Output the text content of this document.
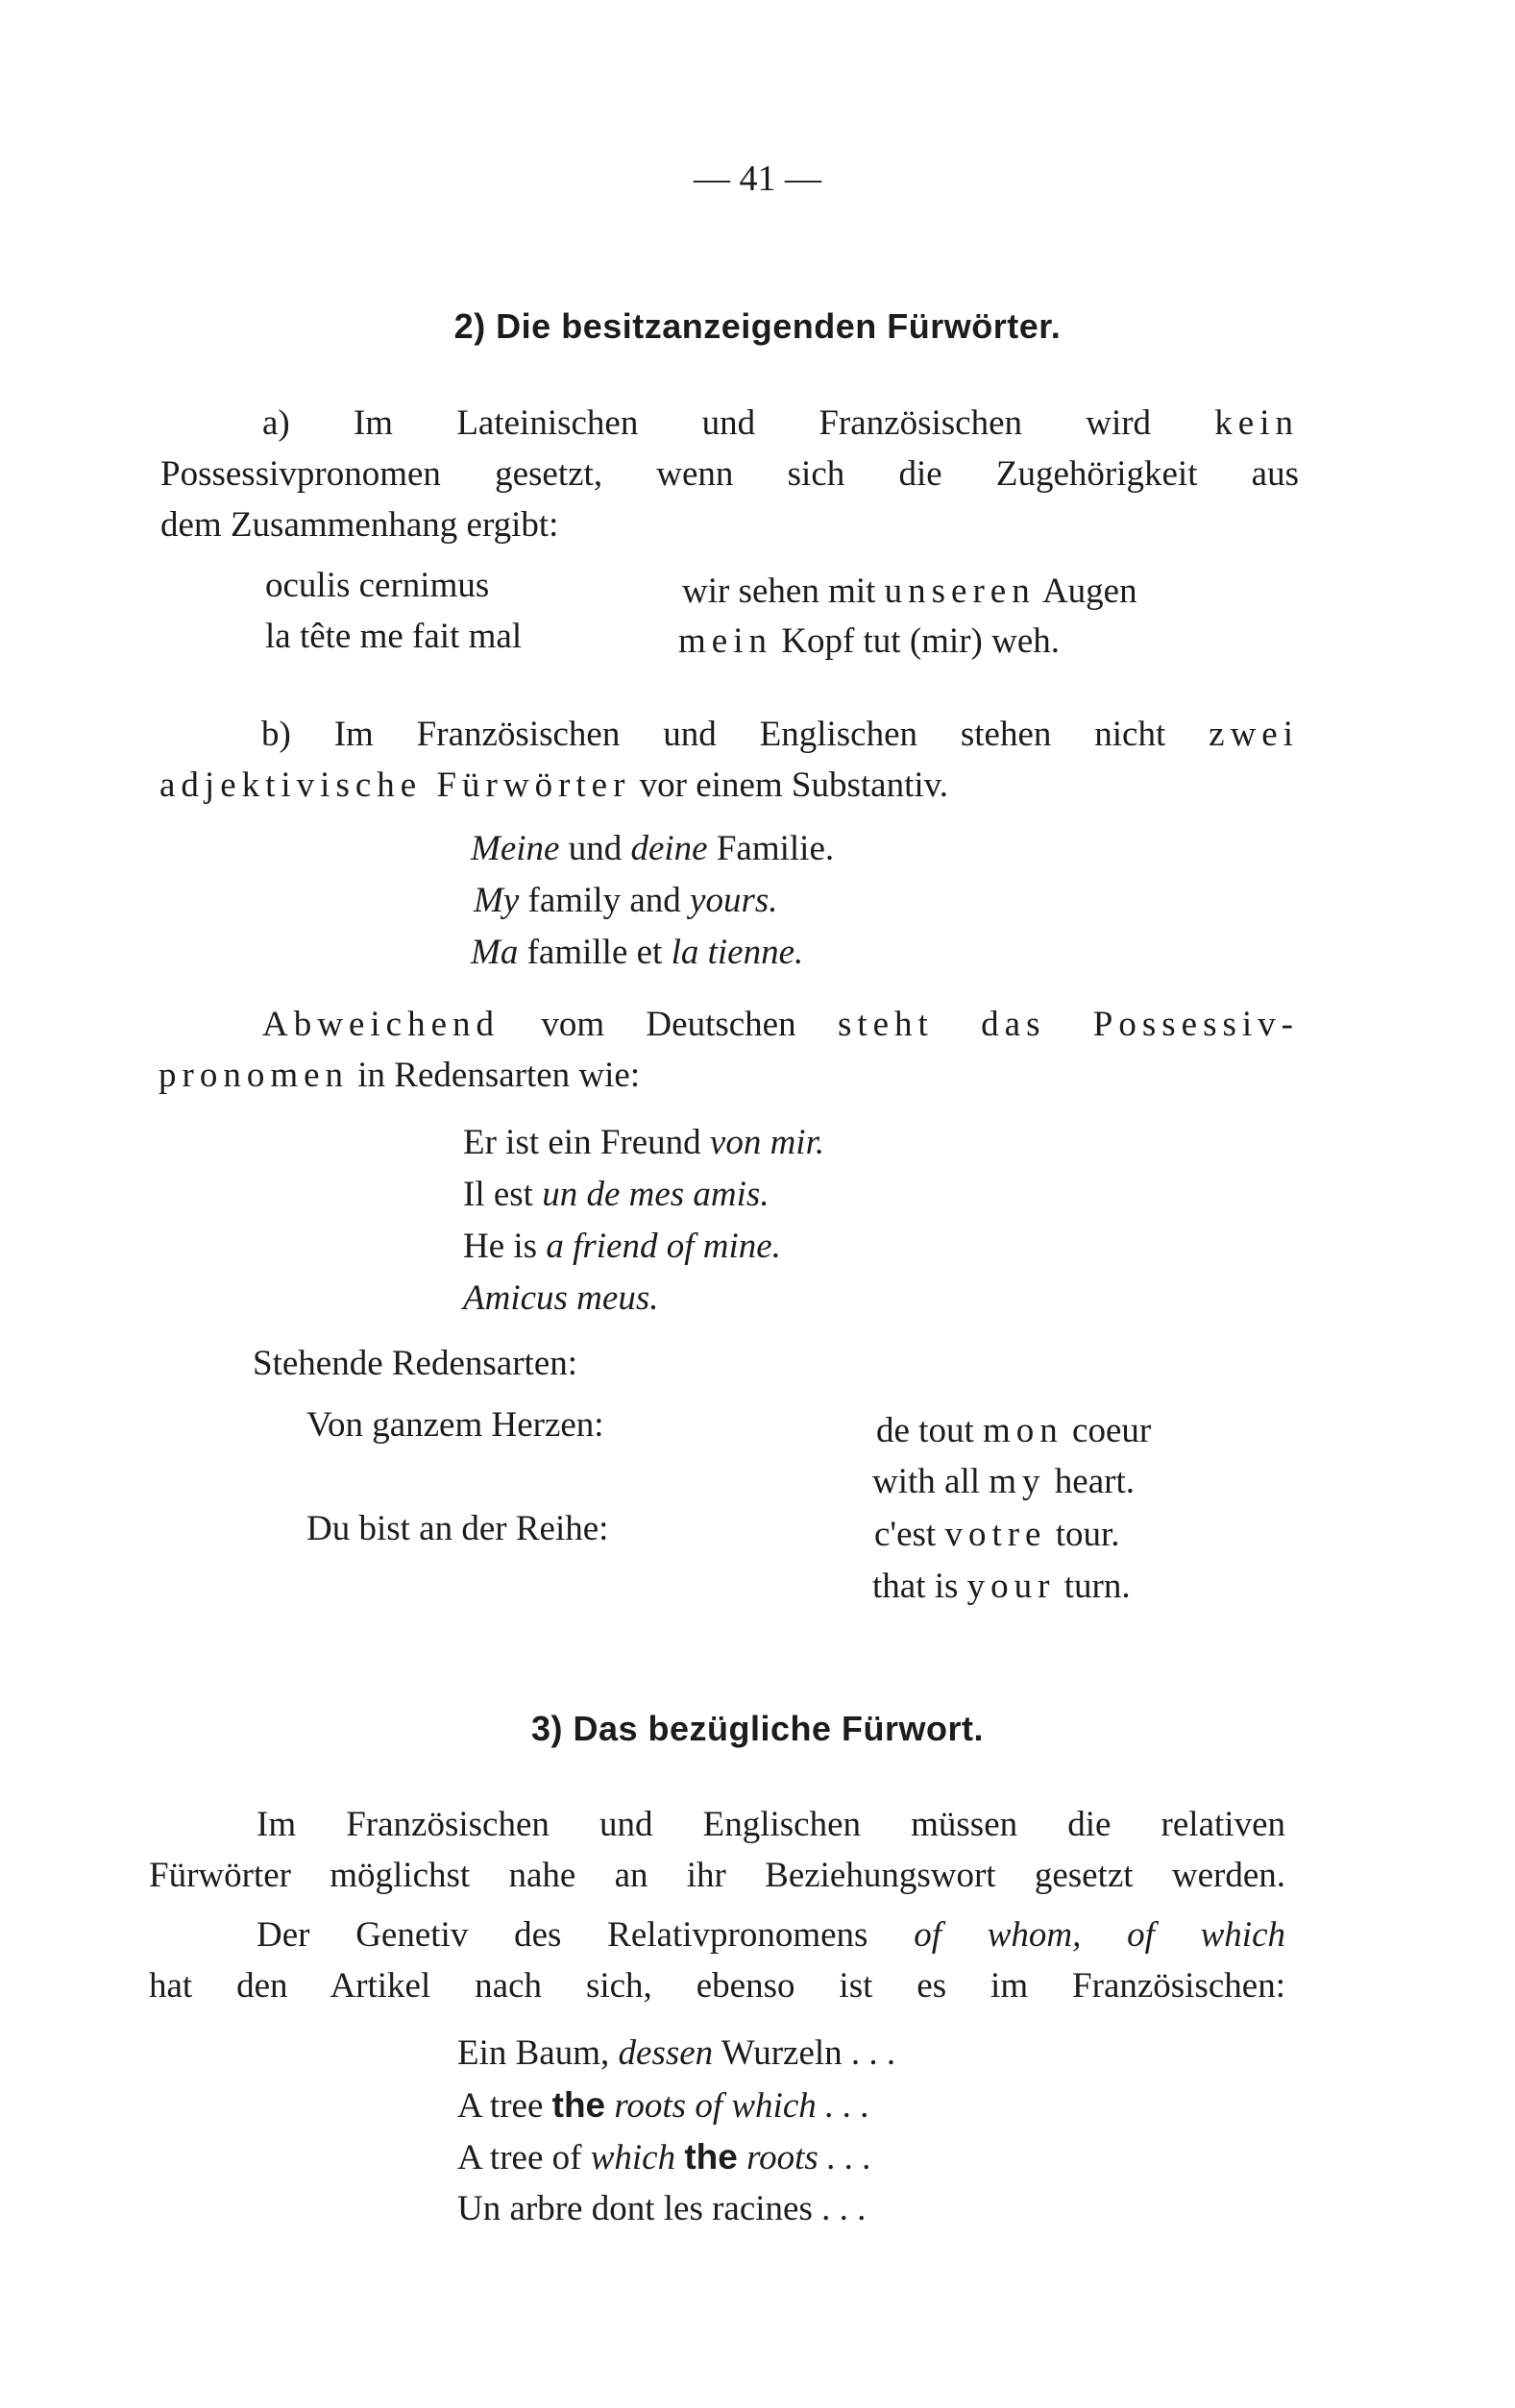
— 41 —
2) Die besitzanzeigenden Fürwörter.
a) Im Lateinischen und Französischen wird kein
Possessivpronomen gesetzt, wenn sich die Zugehörigkeit aus
dem Zusammenhang ergibt:
oculis cernimus	wir sehen mit unseren Augen
la tête me fait mal	mein Kopf tut (mir) weh.
b) Im Französischen und Englischen stehen nicht zwei
adjektivische Fürwörter vor einem Substantiv.
Meine und deine Familie.
My family and yours.
Ma famille et la tienne.
Abweichend vom Deutschen steht das Possessiv-
pronomen in Redensarten wie:
Er ist ein Freund von mir.
Il est un de mes amis.
He is a friend of mine.
Amicus meus.
Stehende Redensarten:
Von ganzem Herzen:	de tout mon coeur
with all my heart.
Du bist an der Reihe:	c'est votre tour.
that is your turn.
3) Das bezügliche Fürwort.
Im Französischen und Englischen müssen die relativen
Fürwörter möglichst nahe an ihr Beziehungswort gesetzt werden.
Der Genetiv des Relativpronomens of whom, of which
hat den Artikel nach sich, ebenso ist es im Französischen:
Ein Baum, dessen Wurzeln . . .
A tree the roots of which . . .
A tree of which the roots . . .
Un arbre dont les racines . . .
